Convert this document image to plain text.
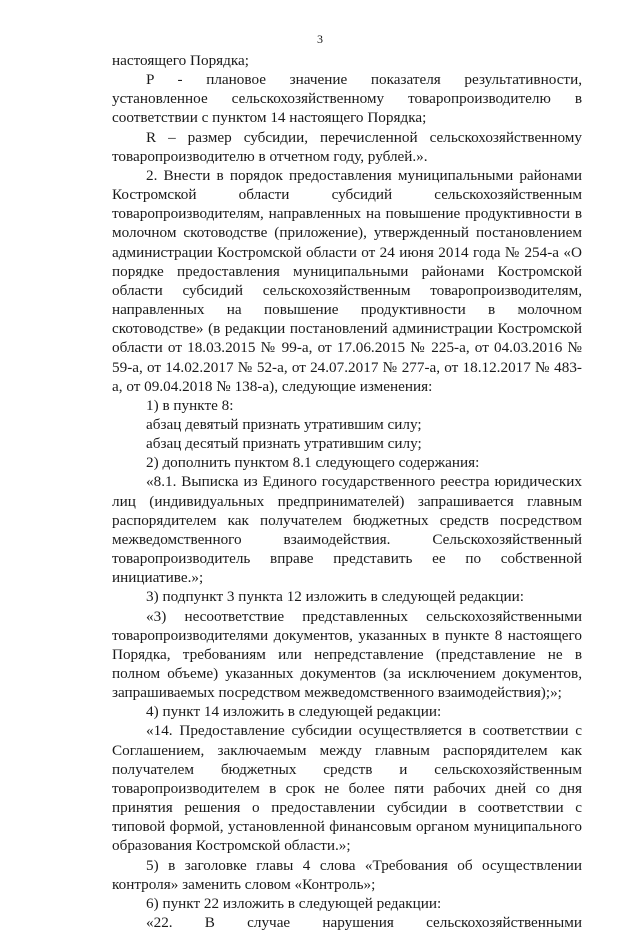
3

настоящего Порядка;

P - плановое значение показателя результативности, установленное сельскохозяйственному товаропроизводителю в соответствии с пунктом 14 настоящего Порядка;

R – размер субсидии, перечисленной сельскохозяйственному товаропроизводителю в отчетном году, рублей.».

2. Внести в порядок предоставления муниципальными районами Костромской области субсидий сельскохозяйственным товаропроизводителям, направленных на повышение продуктивности в молочном скотоводстве (приложение), утвержденный постановлением администрации Костромской области от 24 июня 2014 года № 254-а «О порядке предоставления муниципальными районами Костромской области субсидий сельскохозяйственным товаропроизводителям, направленных на повышение продуктивности в молочном скотоводстве» (в редакции постановлений администрации Костромской области от 18.03.2015 № 99-а, от 17.06.2015 № 225-а, от 04.03.2016 № 59-а, от 14.02.2017 № 52-а, от 24.07.2017 № 277-а, от 18.12.2017 № 483-а, от 09.04.2018 № 138-а), следующие изменения:

1) в пункте 8:

абзац девятый признать утратившим силу;

абзац десятый признать утратившим силу;

2) дополнить пунктом 8.1 следующего содержания:

«8.1. Выписка из Единого государственного реестра юридических лиц (индивидуальных предпринимателей) запрашивается главным распорядителем как получателем бюджетных средств посредством межведомственного взаимодействия. Сельскохозяйственный товаропроизводитель вправе представить ее по собственной инициативе.»;

3) подпункт 3 пункта 12 изложить в следующей редакции:

«3) несоответствие представленных сельскохозяйственными товаропроизводителями документов, указанных в пункте 8 настоящего Порядка, требованиям или непредставление (представление не в полном объеме) указанных документов (за исключением документов, запрашиваемых посредством межведомственного взаимодействия);»;

4) пункт 14 изложить в следующей редакции:

«14. Предоставление субсидии осуществляется в соответствии с Соглашением, заключаемым между главным распорядителем как получателем бюджетных средств и сельскохозяйственным товаропроизводителем в срок не более пяти рабочих дней со дня принятия решения о предоставлении субсидии в соответствии с типовой формой, установленной финансовым органом муниципального образования Костромской области.»;

5) в заголовке главы 4 слова «Требования об осуществлении контроля» заменить словом «Контроль»;

6) пункт 22 изложить в следующей редакции:

«22. В случае нарушения сельскохозяйственными
